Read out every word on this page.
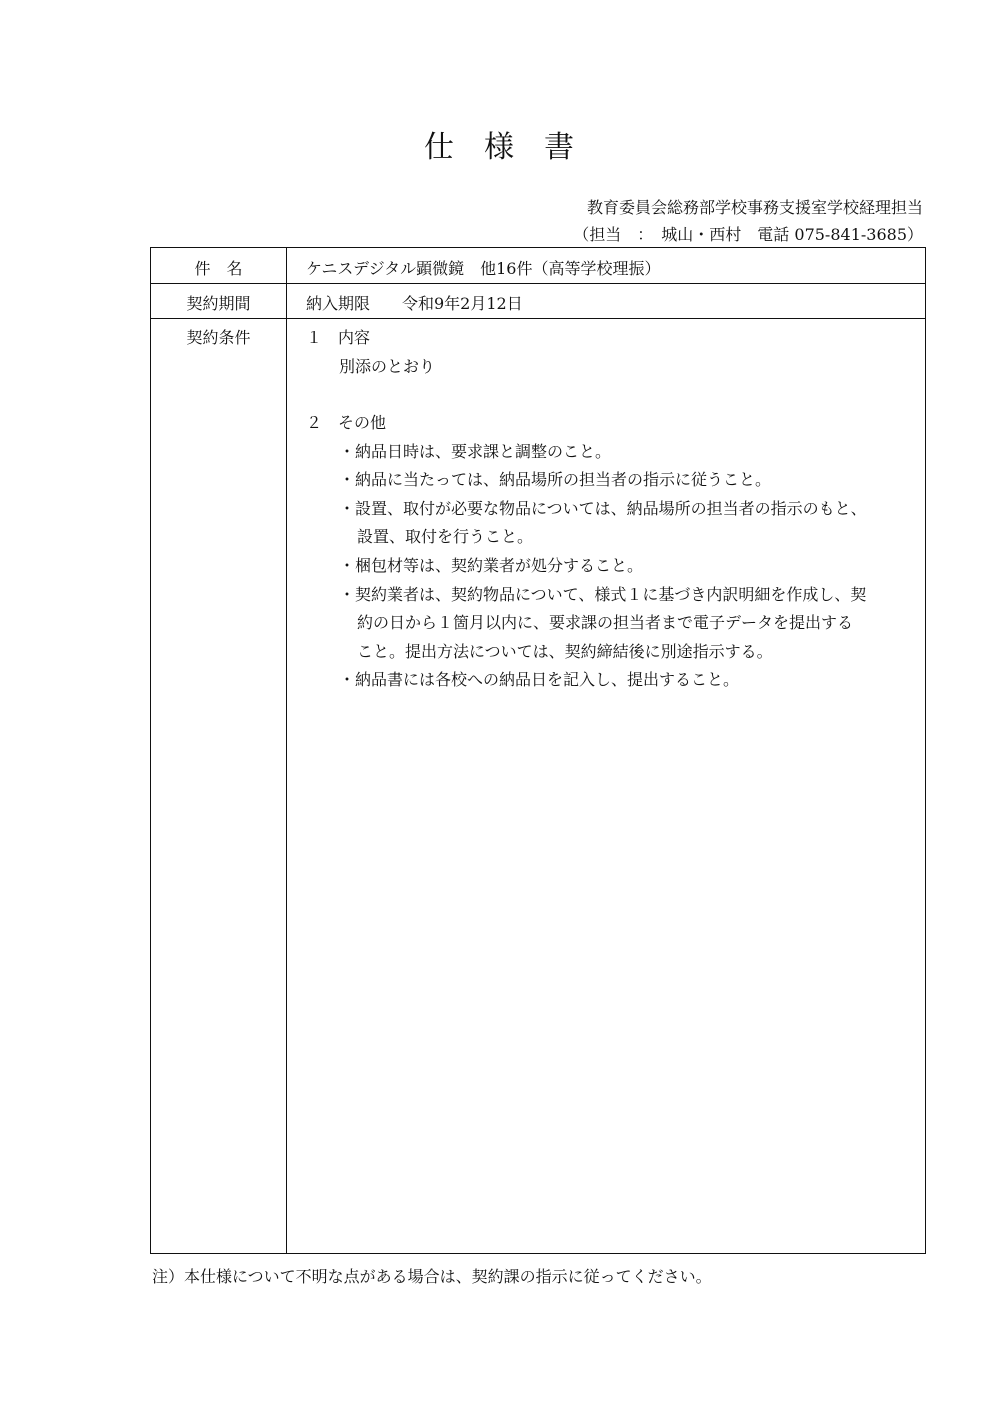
仕 様 書
教育委員会総務部学校事務支援室学校経理担当
（担当　：　城山・西村　電話 075-841-3685）
件　名	ケニスデジタル顕微鏡　他16件（高等学校理振）
契約期間	納入期限　　令和9年2月12日
契約条件	１　内容
別添のとおり
２　その他
・納品日時は、要求課と調整のこと。
・納品に当たっては、納品場所の担当者の指示に従うこと。
・設置、取付が必要な物品については、納品場所の担当者の指示のもと、
設置、取付を行うこと。
・梱包材等は、契約業者が処分すること。
・契約業者は、契約物品について、様式１に基づき内訳明細を作成し、契
約の日から１箇月以内に、要求課の担当者まで電子データを提出する
こと。提出方法については、契約締結後に別途指示する。
・納品書には各校への納品日を記入し、提出すること。
注）本仕様について不明な点がある場合は、契約課の指示に従ってください。
